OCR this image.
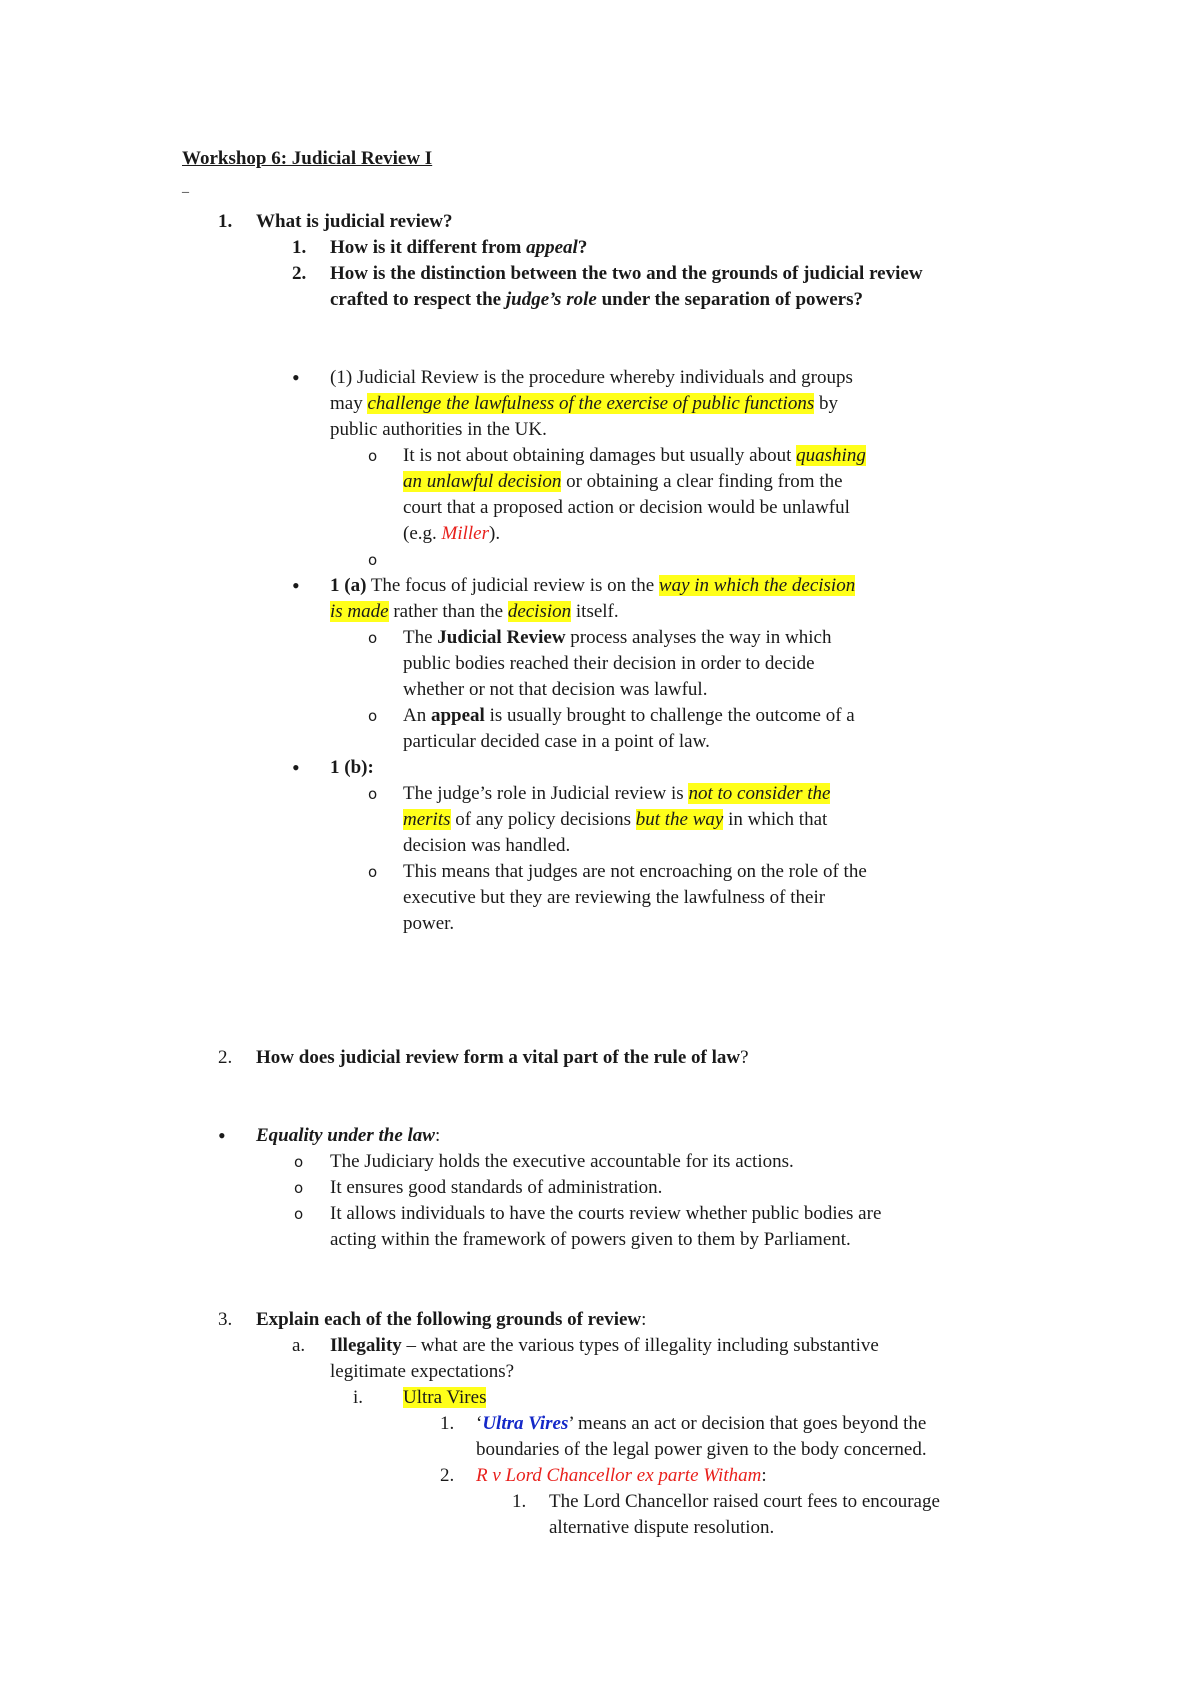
Workshop 6: Judicial Review I
_
1. What is judicial review?
1. How is it different from appeal?
2. How is the distinction between the two and the grounds of judicial review
crafted to respect the judge’s role under the separation of powers?
• (1) Judicial Review is the procedure whereby individuals and groups
may challenge the lawfulness of the exercise of public functions by
public authorities in the UK.
o It is not about obtaining damages but usually about quashing
an unlawful decision or obtaining a clear finding from the
court that a proposed action or decision would be unlawful
(e.g. Miller).
o
• 1 (a) The focus of judicial review is on the way in which the decision
is made rather than the decision itself.
o The Judicial Review process analyses the way in which
public bodies reached their decision in order to decide
whether or not that decision was lawful.
o An appeal is usually brought to challenge the outcome of a
particular decided case in a point of law.
• 1 (b):
o The judge’s role in Judicial review is not to consider the
merits of any policy decisions but the way in which that
decision was handled.
o This means that judges are not encroaching on the role of the
executive but they are reviewing the lawfulness of their
power.
2. How does judicial review form a vital part of the rule of law?
• Equality under the law:
o The Judiciary holds the executive accountable for its actions.
o It ensures good standards of administration.
o It allows individuals to have the courts review whether public bodies are
acting within the framework of powers given to them by Parliament.
3. Explain each of the following grounds of review:
a. Illegality – what are the various types of illegality including substantive
legitimate expectations?
i. Ultra Vires
1. ‘Ultra Vires’ means an act or decision that goes beyond the
boundaries of the legal power given to the body concerned.
2. R v Lord Chancellor ex parte Witham:
1. The Lord Chancellor raised court fees to encourage
alternative dispute resolution.
